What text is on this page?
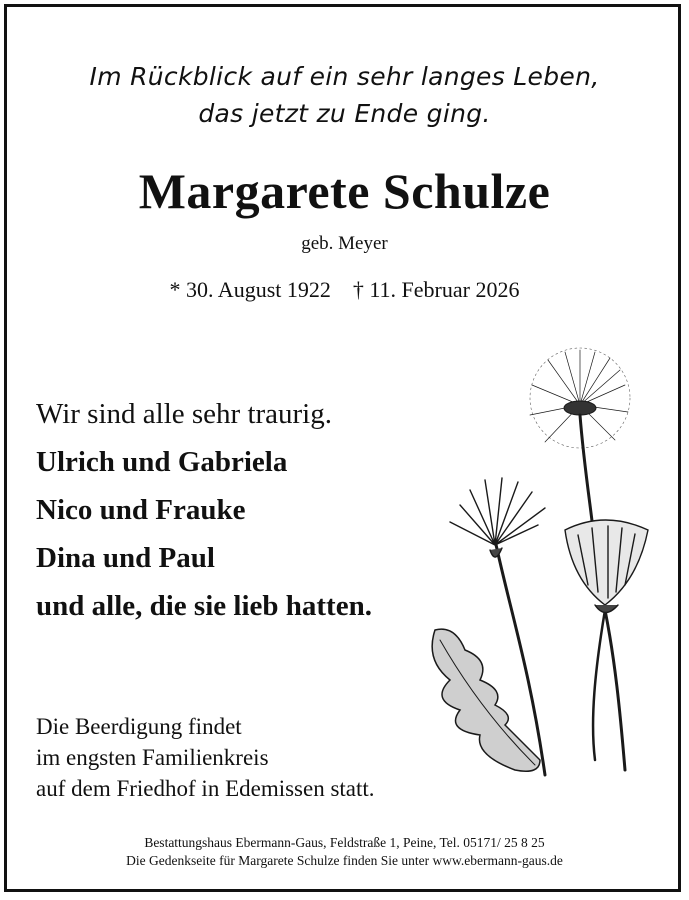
Im Rückblick auf ein sehr langes Leben,
das jetzt zu Ende ging.
Margarete Schulze
geb. Meyer
* 30. August 1922 † 11. Februar 2026
Wir sind alle sehr traurig.
Ulrich und Gabriela
Nico und Frauke
Dina und Paul
und alle, die sie lieb hatten.
Die Beerdigung findet
im engsten Familienkreis
auf dem Friedhof in Edemissen statt.
Bestattungshaus Ebermann-Gaus, Feldstraße 1, Peine, Tel. 05171/ 25 8 25
Die Gedenkseite für Margarete Schulze finden Sie unter www.ebermann-gaus.de
